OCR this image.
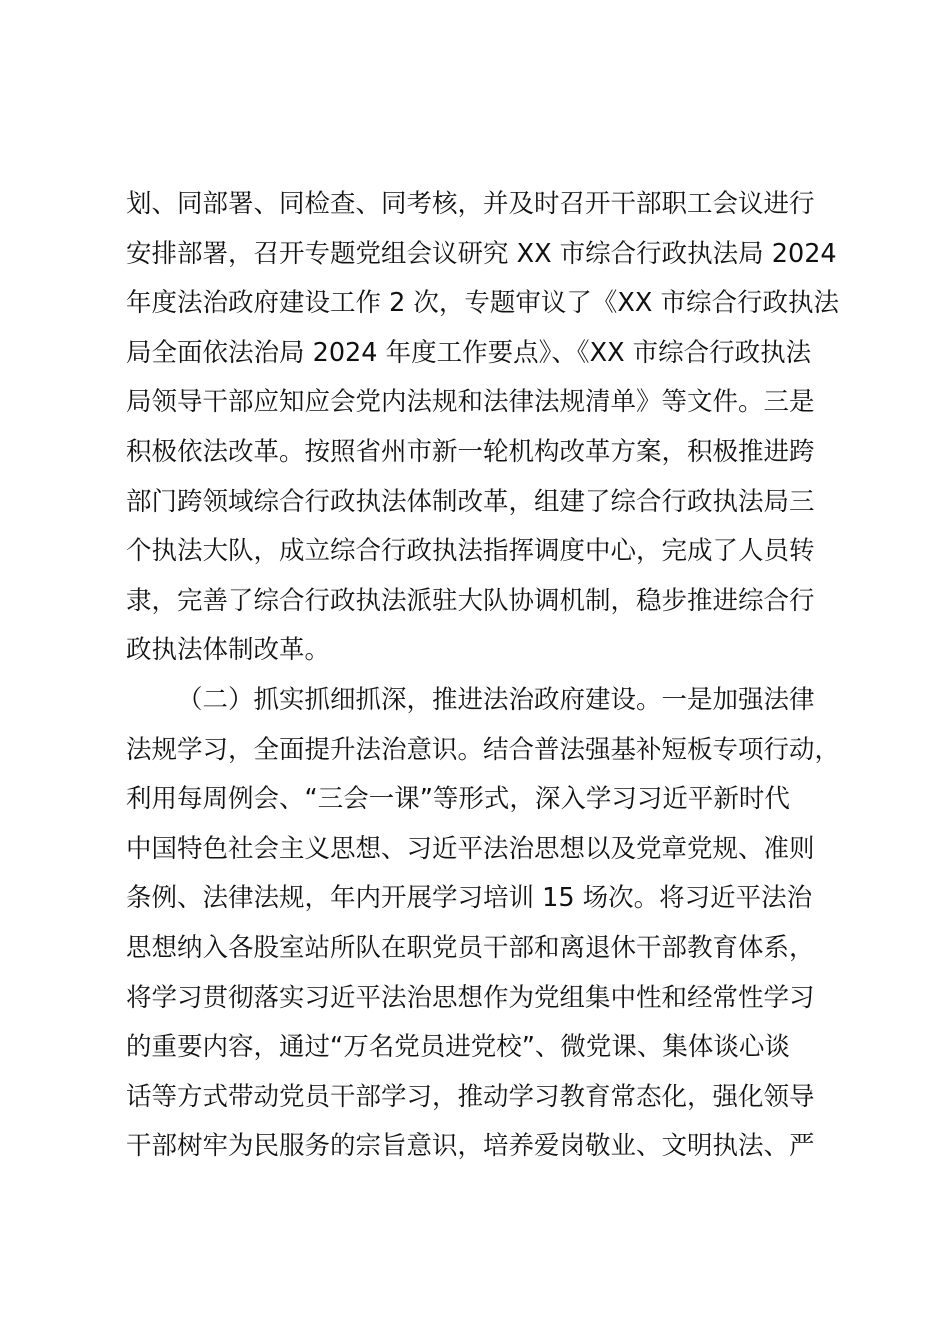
划、同部署、同检查、同考核，并及时召开干部职工会议进行
安排部署，召开专题党组会议研究 XX 市综合行政执法局 2024
年度法治政府建设工作 2 次，专题审议了《XX 市综合行政执法
局全面依法治局 2024 年度工作要点》、《XX 市综合行政执法
局领导干部应知应会党内法规和法律法规清单》等文件。三是
积极依法改革。按照省州市新一轮机构改革方案，积极推进跨
部门跨领域综合行政执法体制改革，组建了综合行政执法局三
个执法大队，成立综合行政执法指挥调度中心，完成了人员转
隶，完善了综合行政执法派驻大队协调机制，稳步推进综合行
政执法体制改革。
（二）抓实抓细抓深，推进法治政府建设。一是加强法律
法规学习，全面提升法治意识。结合普法强基补短板专项行动，
利用每周例会、“三会一课”等形式，深入学习习近平新时代
中国特色社会主义思想、习近平法治思想以及党章党规、准则
条例、法律法规，年内开展学习培训 15 场次。将习近平法治
思想纳入各股室站所队在职党员干部和离退休干部教育体系，
将学习贯彻落实习近平法治思想作为党组集中性和经常性学习
的重要内容，通过“万名党员进党校”、微党课、集体谈心谈
话等方式带动党员干部学习，推动学习教育常态化，强化领导
干部树牢为民服务的宗旨意识，培养爱岗敬业、文明执法、严
